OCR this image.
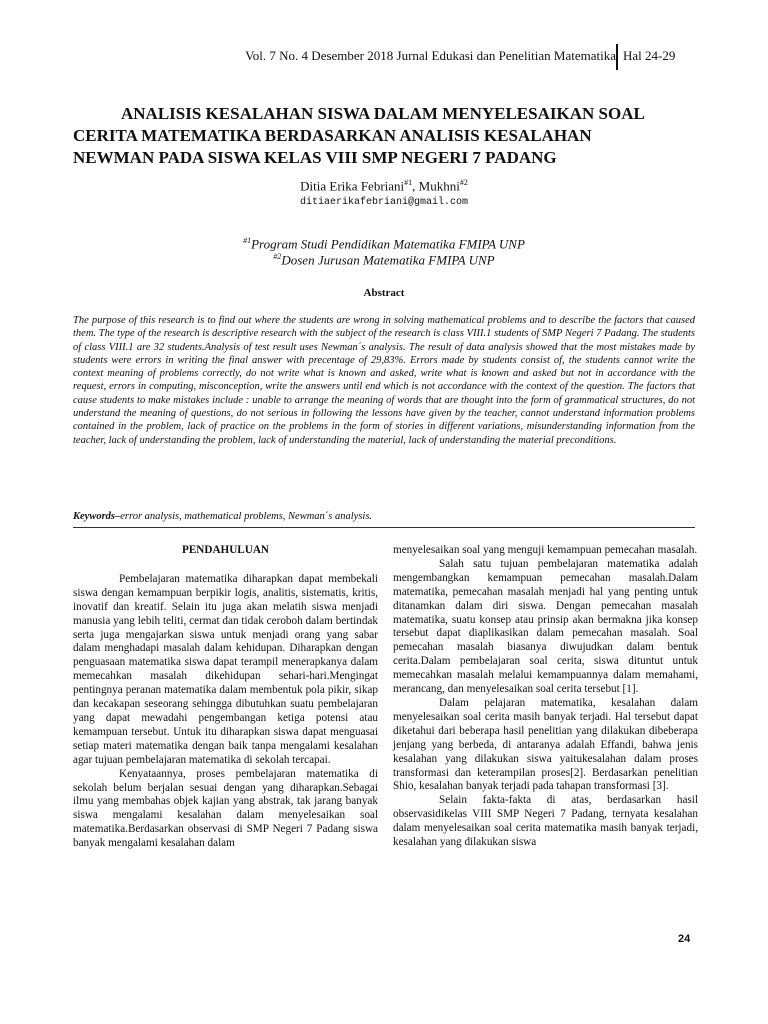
Vol. 7 No. 4 Desember 2018 Jurnal Edukasi dan Penelitian Matematika Hal 24-29
ANALISIS KESALAHAN SISWA DALAM MENYELESAIKAN SOAL
CERITA MATEMATIKA BERDASARKAN ANALISIS KESALAHAN
NEWMAN PADA SISWA KELAS VIII SMP NEGERI 7 PADANG
Ditia Erika Febriani$^{\#1}$, Mukhni$^{\#2}$
ditiaerikafebriani@gmail.com
$^{\#1}$Program Studi Pendidikan Matematika FMIPA UNP
$^{\#2}$Dosen Jurusan Matematika FMIPA UNP
Abstract
The purpose of this research is to find out where the students are wrong in solving mathematical problems and to describe the factors that caused them. The type of the research is descriptive research with the subject of the research is class VIII.1 students of SMP Negeri 7 Padang. The students of class VIII.1 are 32 students.Analysis of test result uses Newman´s analysis. The result of data analysis showed that the most mistakes made by students were errors in writing the final answer with precentage of 29,83%. Errors made by students consist of, the students cannot write the context meaning of problems correctly, do not write what is known and asked, write what is known and asked but not in accordance with the request, errors in computing, misconception, write the answers until end which is not accordance with the context of the question. The factors that cause students to make mistakes include : unable to arrange the meaning of words that are thought into the form of grammatical structures, do not understand the meaning of questions, do not serious in following the lessons have given by the teacher, cannot understand information problems contained in the problem, lack of practice on the problems in the form of stories in different variations, misunderstanding information from the teacher, lack of understanding the problem, lack of understanding the material, lack of understanding the material preconditions.
Keywords–error analysis, mathematical problems, Newman´s analysis.

PENDAHULUAN

Pembelajaran matematika diharapkan dapat membekali siswa dengan kemampuan berpikir logis, analitis, sistematis, kritis, inovatif dan kreatif. Selain itu juga akan melatih siswa menjadi manusia yang lebih teliti, cermat dan tidak ceroboh dalam bertindak serta juga mengajarkan siswa untuk menjadi orang yang sabar dalam menghadapi masalah dalam kehidupan. Diharapkan dengan penguasaan matematika siswa dapat terampil menerapkanya dalam memecahkan masalah dikehidupan sehari-hari.Mengingat pentingnya peranan matematika dalam membentuk pola pikir, sikap dan kecakapan seseorang sehingga dibutuhkan suatu pembelajaran yang dapat mewadahi pengembangan ketiga potensi atau kemampuan tersebut. Untuk itu diharapkan siswa dapat menguasai setiap materi matematika dengan baik tanpa mengalami kesalahan agar tujuan pembelajaran matematika di sekolah tercapai.

Kenyataannya, proses pembelajaran matematika di sekolah belum berjalan sesuai dengan yang diharapkan.Sebagai ilmu yang membahas objek kajian yang abstrak, tak jarang banyak siswa mengalami kesalahan dalam menyelesaikan soal matematika.Berdasarkan observasi di SMP Negeri 7 Padang siswa banyak mengalami kesalahan dalam

menyelesaikan soal yang menguji kemampuan pemecahan masalah.

Salah satu tujuan pembelajaran matematika adalah mengembangkan kemampuan pemecahan masalah.Dalam matematika, pemecahan masalah menjadi hal yang penting untuk ditanamkan dalam diri siswa. Dengan pemecahan masalah matematika, suatu konsep atau prinsip akan bermakna jika konsep tersebut dapat diaplikasikan dalam pemecahan masalah. Soal pemecahan masalah biasanya diwujudkan dalam bentuk cerita.Dalam pembelajaran soal cerita, siswa dituntut untuk memecahkan masalah melalui kemampuannya dalam memahami, merancang, dan menyelesaikan soal cerita tersebut [1].

Dalam pelajaran matematika, kesalahan dalam menyelesaikan soal cerita masih banyak terjadi. Hal tersebut dapat diketahui dari beberapa hasil penelitian yang dilakukan dibeberapa jenjang yang berbeda, di antaranya adalah Effandi, bahwa jenis kesalahan yang dilakukan siswa yaitukesalahan dalam proses transformasi dan keterampilan proses[2]. Berdasarkan penelitian Shio, kesalahan banyak terjadi pada tahapan transformasi [3].

Selain fakta-fakta di atas, berdasarkan hasil observasidikelas VIII SMP Negeri 7 Padang, ternyata kesalahan dalam menyelesaikan soal cerita matematika masih banyak terjadi, kesalahan yang dilakukan siswa

24
